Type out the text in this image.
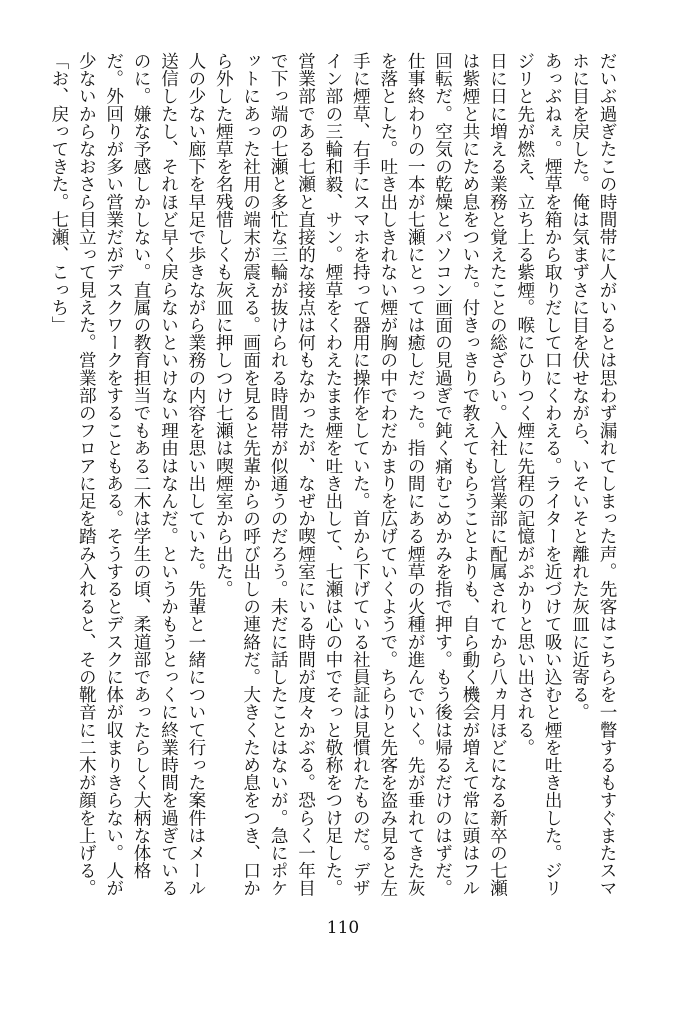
だいぶ過ぎたこの時間帯に人がいるとは思わず漏れてしまった声。先客はこちらを一瞥するもすぐまたスマホに目を戻した。俺は気まずさに目を伏せながら、いそいそと離れた灰皿に近寄る。

あっぶねぇ。煙草を箱から取りだして口にくわえる。ライターを近づけて吸い込むと煙を吐き出した。ジリジリと先が燃え、立ち上る紫煙。喉にひりつく煙に先程の記憶がぷかりと思い出される。

日に日に増える業務と覚えたことの総ざらい。入社し営業部に配属されてから八ヵ月ほどになる新卒の七瀬は紫煙と共にため息をついた。付きっきりで教えてもらうことよりも、自ら動く機会が増えて常に頭はフル回転だ。空気の乾燥とパソコン画面の見過ぎで鈍く痛むこめかみを指で押す。もう後は帰るだけのはずだ。仕事終わりの一本が七瀬にとっては癒しだった。指の間にある煙草の火種が進んでいく。先が垂れてきた灰を落とした。吐き出しきれない煙が胸の中でわだかまりを広げていくようで。ちらりと先客を盗み見ると左手に煙草、右手にスマホを持って器用に操作をしていた。首から下げている社員証は見慣れたものだ。デザイン部の三輪和毅、サン。煙草をくわえたまま煙を吐き出して、七瀬は心の中でそっと敬称をつけ足した。営業部である七瀬と直接的な接点は何もなかったが、なぜか喫煙室にいる時間が度々かぶる。恐らく一年目で下っ端の七瀬と多忙な三輪が抜けられる時間帯が似通うのだろう。未だに話したことはないが。急にポケットにあった社用の端末が震える。画面を見ると先輩からの呼び出しの連絡だ。大きくため息をつき、口から外した煙草を名残惜しくも灰皿に押しつけ七瀬は喫煙室から出た。

人の少ない廊下を早足で歩きながら業務の内容を思い出していた。先輩と一緒について行った案件はメール送信したし、それほど早く戻らないといけない理由はなんだ。というかもうとっくに終業時間を過ぎているのに。嫌な予感しかしない。直属の教育担当でもある二木は学生の頃、柔道部であったらしく大柄な体格だ。外回りが多い営業だがデスクワークをすることもある。そうするとデスクに体が収まりきらない。人が少ないからなおさら目立って見えた。営業部のフロアに足を踏み入れると、その靴音に二木が顔を上げる。

「お、戻ってきた。七瀬、こっち」

110
